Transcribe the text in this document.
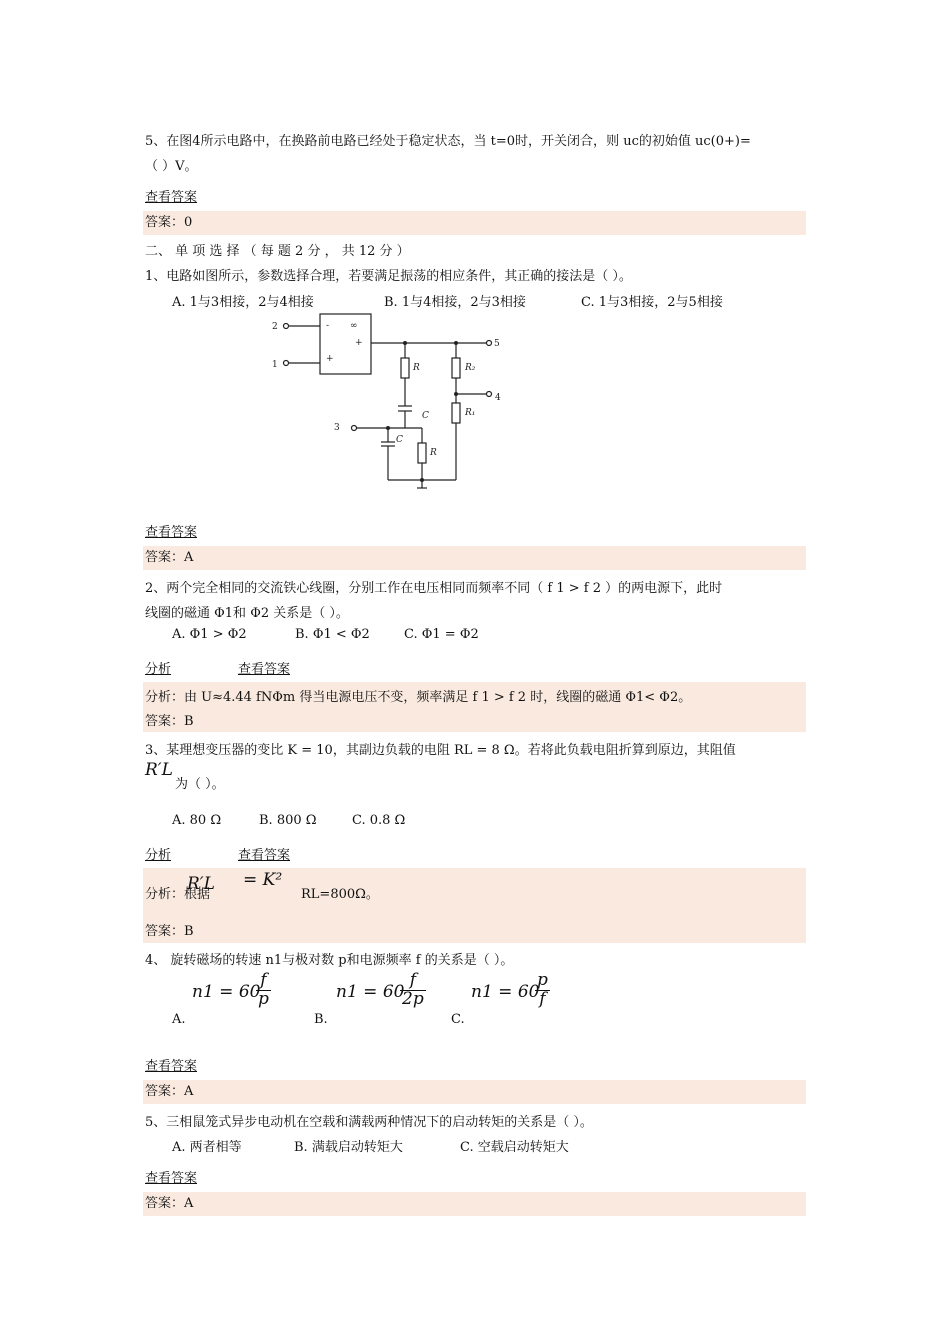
5、在图4所示电路中，在换路前电路已经处于稳定状态，当 t=0时，开关闭合，则 uc的初始值 uc(0+)=
（ ）V。
查看答案
答案：0
二、 单 项 选 择 （ 每 题 2 分 ， 共 12 分 ）
1、电路如图所示，参数选择合理，若要满足振荡的相应条件，其正确的接法是（ ）。
A. 1与3相接，2与4相接	B. 1与4相接，2与3相接	C. 1与3相接，2与5相接
2
1
3
4
5
-
+
∞
+
R
R
C
C
R₂
R₁
查看答案
答案：A
2、两个完全相同的交流铁心线圈，分别工作在电压相同而频率不同（ f 1 > f 2 ）的两电源下，此时
线圈的磁通 Φ1和 Φ2 关系是（ ）。
A. Φ1 > Φ2	B. Φ1 < Φ2	C. Φ1 = Φ2
分析	查看答案
分析：由 U≈4.44 fNΦm 得当电源电压不变，频率满足 f 1 > f 2 时，线圈的磁通 Φ1< Φ2。
答案：B
3、某理想变压器的变比 K = 10，其副边负载的电阻 RL = 8 Ω。若将此负载电阻折算到原边，其阻值
R′L
为（ ）。
A. 80 Ω	B. 800 Ω	C. 0.8 Ω
分析	查看答案
分析：根据
R′L = K²
RL=800Ω。
答案：B
4、 旋转磁场的转速 n1与极对数 p和电源频率 f 的关系是（ ）。
A.
n1 = 60
$\frac{f}{p}$
B.
n1 = 60
$\frac{f}{2p}$
C.
n1 = 60
$\frac{p}{f}$
查看答案
答案：A
5、三相鼠笼式异步电动机在空载和满载两种情况下的启动转矩的关系是（ ）。
A. 两者相等	B. 满载启动转矩大	C. 空载启动转矩大
查看答案
答案：A
